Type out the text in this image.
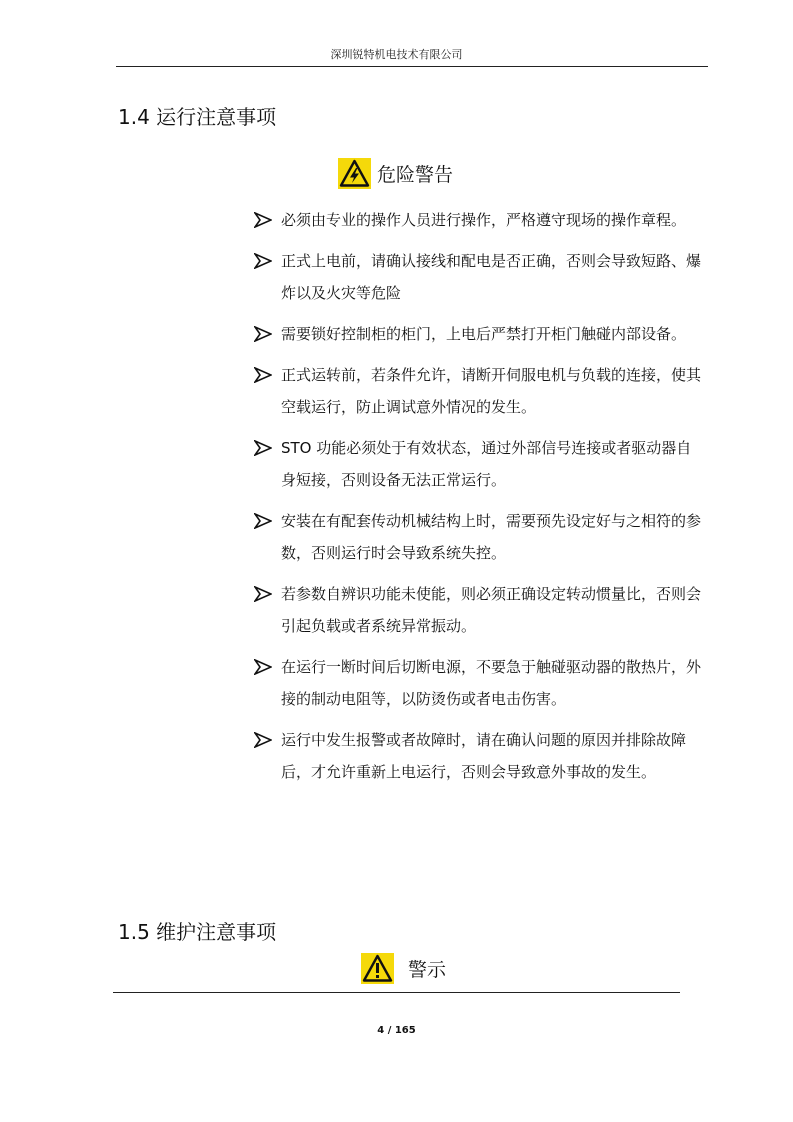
深圳锐特机电技术有限公司
1.4 运行注意事项
危险警告
必须由专业的操作人员进行操作，严格遵守现场的操作章程。
正式上电前，请确认接线和配电是否正确，否则会导致短路、爆炸以及火灾等危险
需要锁好控制柜的柜门，上电后严禁打开柜门触碰内部设备。
正式运转前，若条件允许，请断开伺服电机与负载的连接，使其空载运行，防止调试意外情况的发生。
STO 功能必须处于有效状态，通过外部信号连接或者驱动器自身短接，否则设备无法正常运行。
安装在有配套传动机械结构上时，需要预先设定好与之相符的参数，否则运行时会导致系统失控。
若参数自辨识功能未使能，则必须正确设定转动惯量比，否则会引起负载或者系统异常振动。
在运行一断时间后切断电源，不要急于触碰驱动器的散热片，外接的制动电阻等，以防烫伤或者电击伤害。
运行中发生报警或者故障时，请在确认问题的原因并排除故障后，才允许重新上电运行，否则会导致意外事故的发生。
1.5 维护注意事项
警示
4 / 165
